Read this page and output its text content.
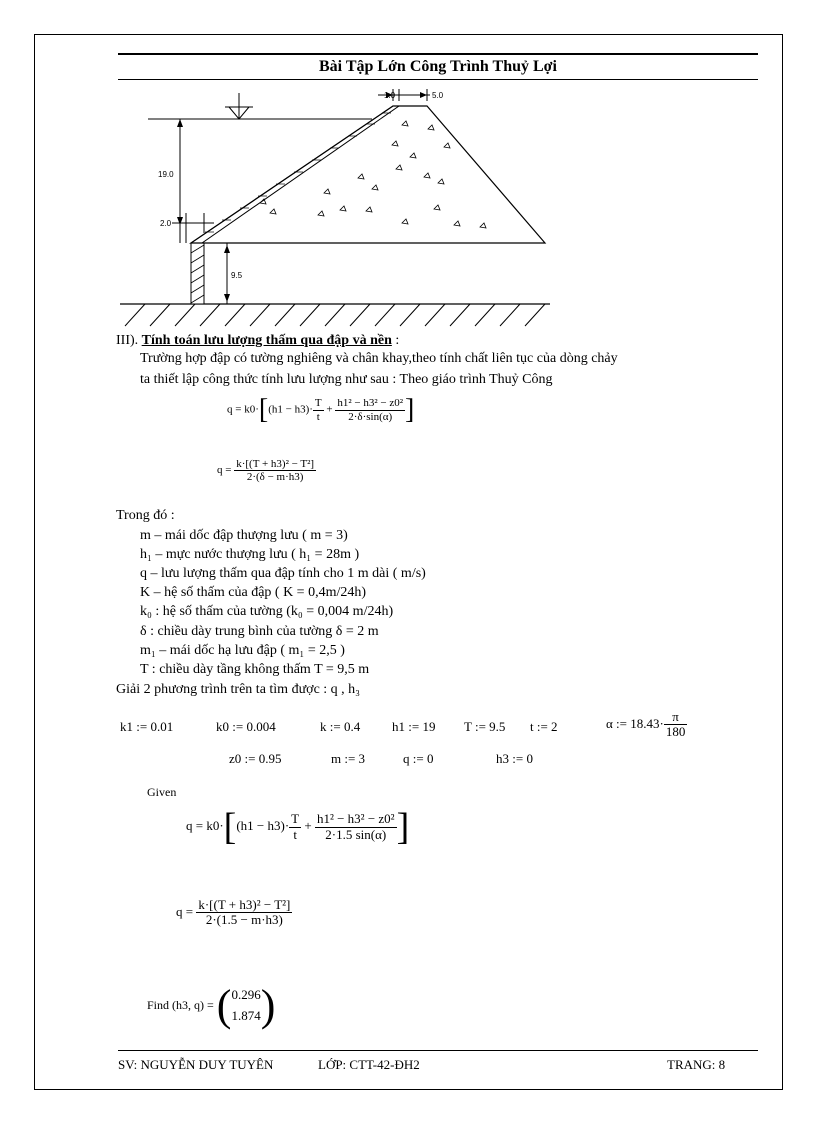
Bài Tập Lớn Công Trình Thuỷ Lợi
1.0	5.0
19.0
2.0
9.5
III). Tính toán lưu lượng thấm qua đập và nền :
Trường hợp đập có tường nghiêng và chân khay,theo tính chất liên tục của dòng chảy
ta thiết lập công thức tính lưu lượng như sau : Theo giáo trình Thuỷ Công
$q = k0\cdot[(h1 - h3)\cdot \frac{T}{t} + \frac{\text{h1² − h3² − z0²}}{2\cdot\delta\cdot\sin(\alpha)}$ ]
$q = \frac{\text{k·[(T + h3)² − T²]}}{2\cdot(\delta - m\cdot h3)}$
Trong đó :
m – mái dốc đập thượng lưu ( m = 3)
h₁ – mực nước thượng lưu ( h₁ = 28m )
q – lưu lượng thấm qua đập tính cho 1 m dài ( m/s)
K – hệ số thấm của đập ( K = 0,4m/24h)
k₀ : hệ số thấm của tường (k₀ = 0,004 m/24h)
δ : chiều dày trung bình của tường δ = 2 m
m₁ – mái dốc hạ lưu đập ( m₁ = 2,5 )
T : chiều dày tầng không thấm T = 9,5 m
Giải 2 phương trình trên ta tìm được : q , h₃
k1 := 0.01	k0 := 0.004	k := 0.4 h1 := 19 T := 9.5 t := 2	α := $18.43\cdot \frac{\pi}{180}$
z0 := 0.95	m := 3	q := 0	h3 := 0
Given
$q = k0\cdot[(h1 - h3)\cdot \frac{T}{t} + \frac{\text{h1² − h3² − z0²}}{2\cdot 1.5 \sin(\alpha)}$ ]
$q = \frac{\text{k·[(T + h3)² − T²]}}{2\cdot(1.5 - m\cdot h3)}$
Find (h3, q) = ( 0.296
1.874 )
SV: NGUYỄN DUY TUYÊN	LỚP: CTT-42-ĐH2	TRANG: 8
